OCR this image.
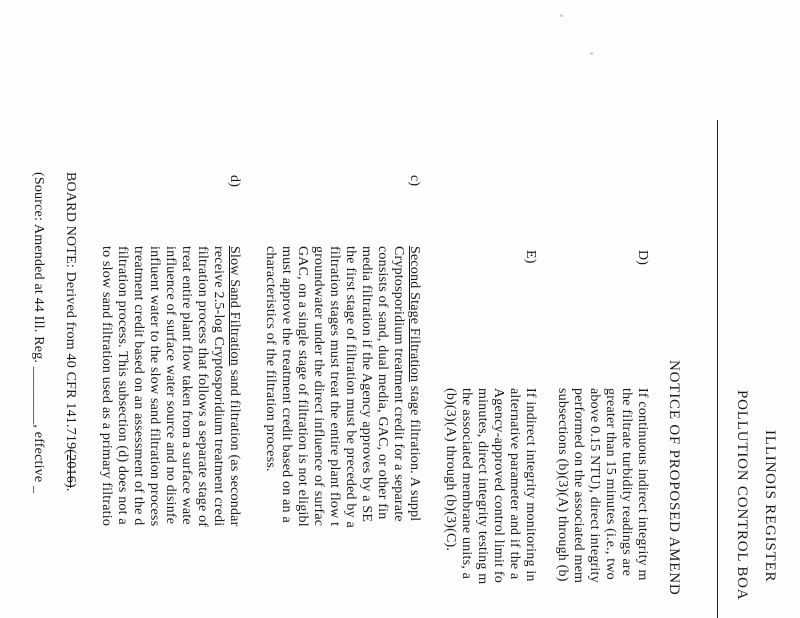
ILLINOIS REGISTER
POLLUTION CONTROL BOA
NOTICE OF PROPOSED AMEND
D)
If continuous indirect integrity m
the filtrate turbidity readings are
greater than 15 minutes (i.e., two
above 0.15 NTU), direct integrity
performed on the associated mem
subsections (b)(3)(A) through (b)
E)
If indirect integrity monitoring in
alternative parameter and if the a
Agency-approved control limit fo
minutes, direct integrity testing m
the associated membrane units, a
(b)(3)(A) through (b)(3)(C).
c)
Second Stage Filtration stage filtration. A suppl
Cryptosporidium treatment credit for a separate
consists of sand, dual media, GAC, or other fin
media filtration if the Agency approves by a SE
the first stage of filtration must be preceded by a
filtration stages must treat the entire plant flow t
groundwater under the direct influence of surfac
GAC, on a single stage of filtration is not eligibl
must approve the treatment credit based on an a
characteristics of the filtration process.
d)
Slow Sand Filtration sand filtration (as secondar
receive 2.5-log Cryptosporidium treatment credi
filtration process that follows a separate stage of
treat entire plant flow taken from a surface wate
influence of surface water source and no disinfe
influent water to the slow sand filtration process
treatment credit based on an assessment of the d
filtration process. This subsection (d) does not a
to slow sand filtration used as a primary filtratio
BOARD NOTE: Derived from 40 CFR 141.719(2016).
(Source: Amended at 44 Ill. Reg. ________, effective _
